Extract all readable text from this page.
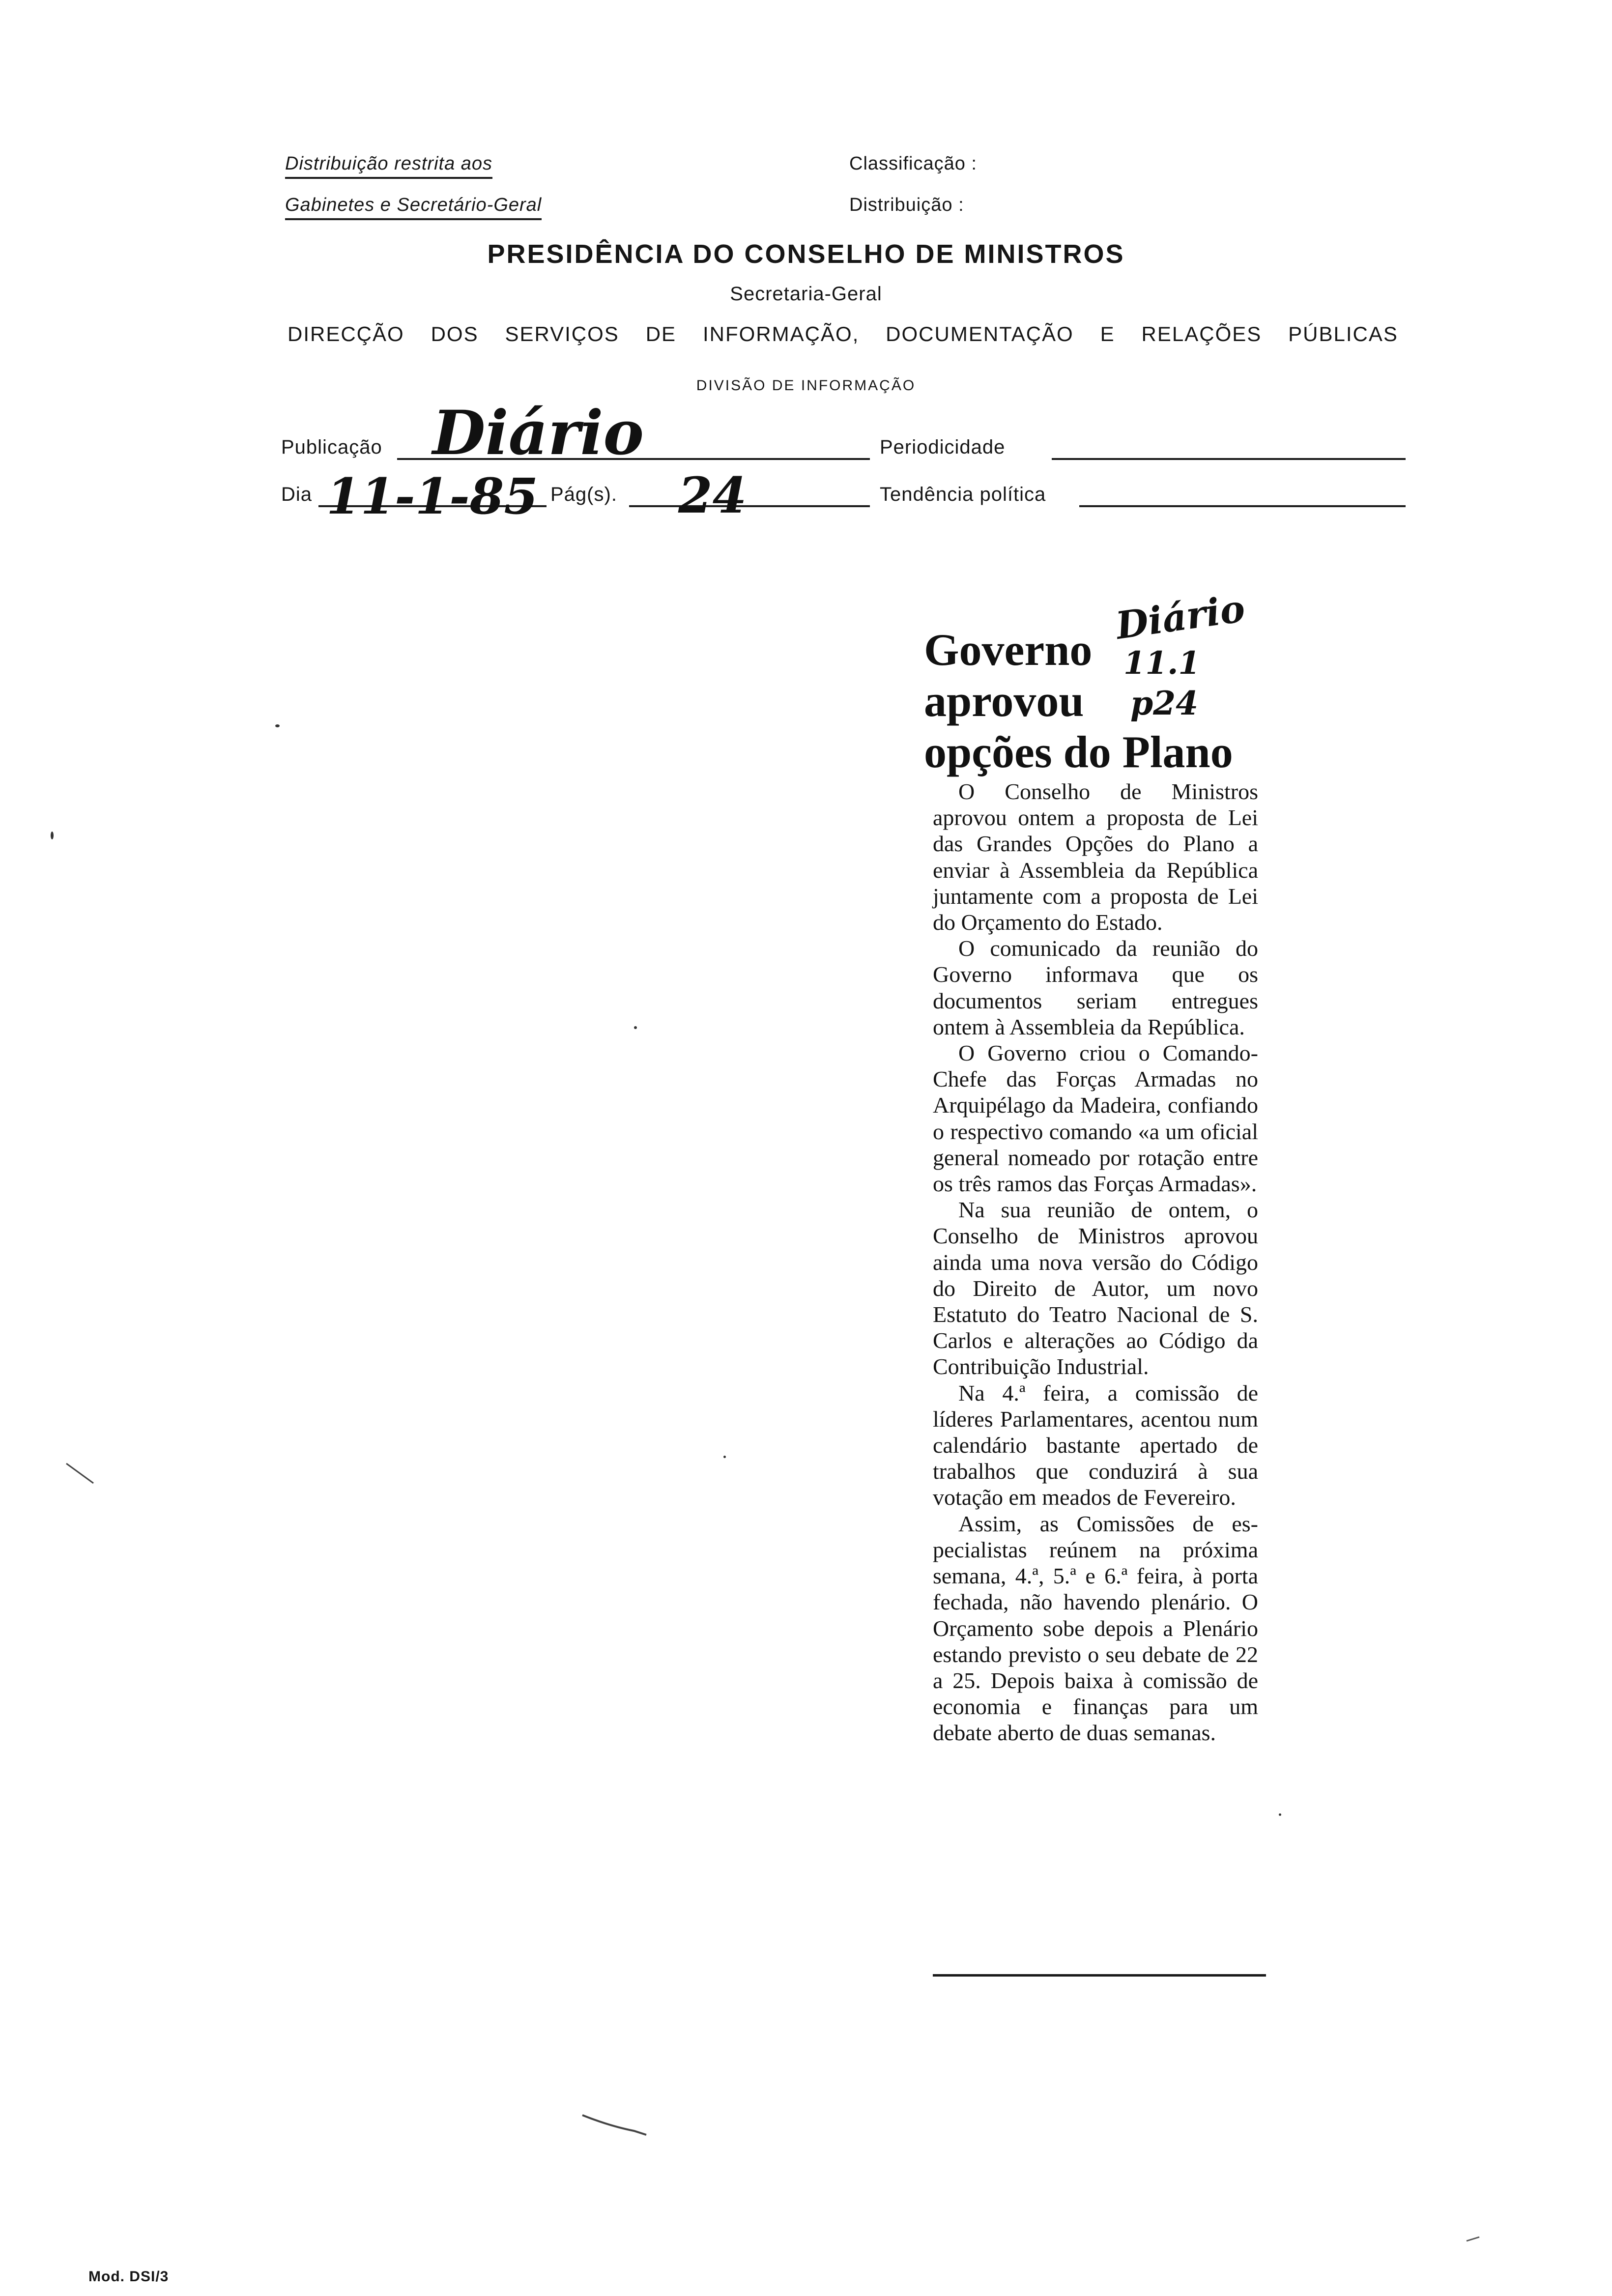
Distribuição restrita aos
Gabinetes e Secretário-Geral
Classificação :
Distribuição :
PRESIDÊNCIA DO CONSELHO DE MINISTROS
Secretaria-Geral
DIRECÇÃO DOS SERVIÇOS DE INFORMAÇÃO, DOCUMENTAÇÃO E RELAÇÕES PÚBLICAS
DIVISÃO DE INFORMAÇÃO
Publicação Diário	Periodicidade
Dia 11-1-85 Pág(s). 24	Tendência política
Diário
11.1
p24
Governo
aprovou
opções do Plano

O Conselho de Ministros aprovou ontem a proposta de Lei das Grandes Opções do Plano a enviar à Assembleia da República juntamente com a proposta de Lei do Orçamento do Estado.

O comunicado da reunião do Governo informava que os documentos seriam entregues ontem à Assembleia da República.

O Governo criou o Comando-Chefe das Forças Armadas no Arquipélago da Madeira, confiando o respectivo comando «a um oficial general nomeado por rotação entre os três ramos das Forças Armadas».

Na sua reunião de ontem, o Conselho de Ministros aprovou ainda uma nova versão do Código do Direito de Autor, um novo Estatuto do Teatro Nacional de S. Carlos e alterações ao Código da Contribuição Industrial.

Na 4.ª feira, a comissão de líderes Parlamentares, acentou num calendário bastante apertado de trabalhos que conduzirá à sua votação em meados de Fevereiro.

Assim, as Comissões de especialistas reúnem na próxima semana, 4.ª, 5.ª e 6.ª feira, à porta fechada, não havendo plenário. O Orçamento sobe depois a Plenário estando previsto o seu debate de 22 a 25. Depois baixa à comissão de economia e finanças para um debate aberto de duas semanas.

Mod. DSI/3
